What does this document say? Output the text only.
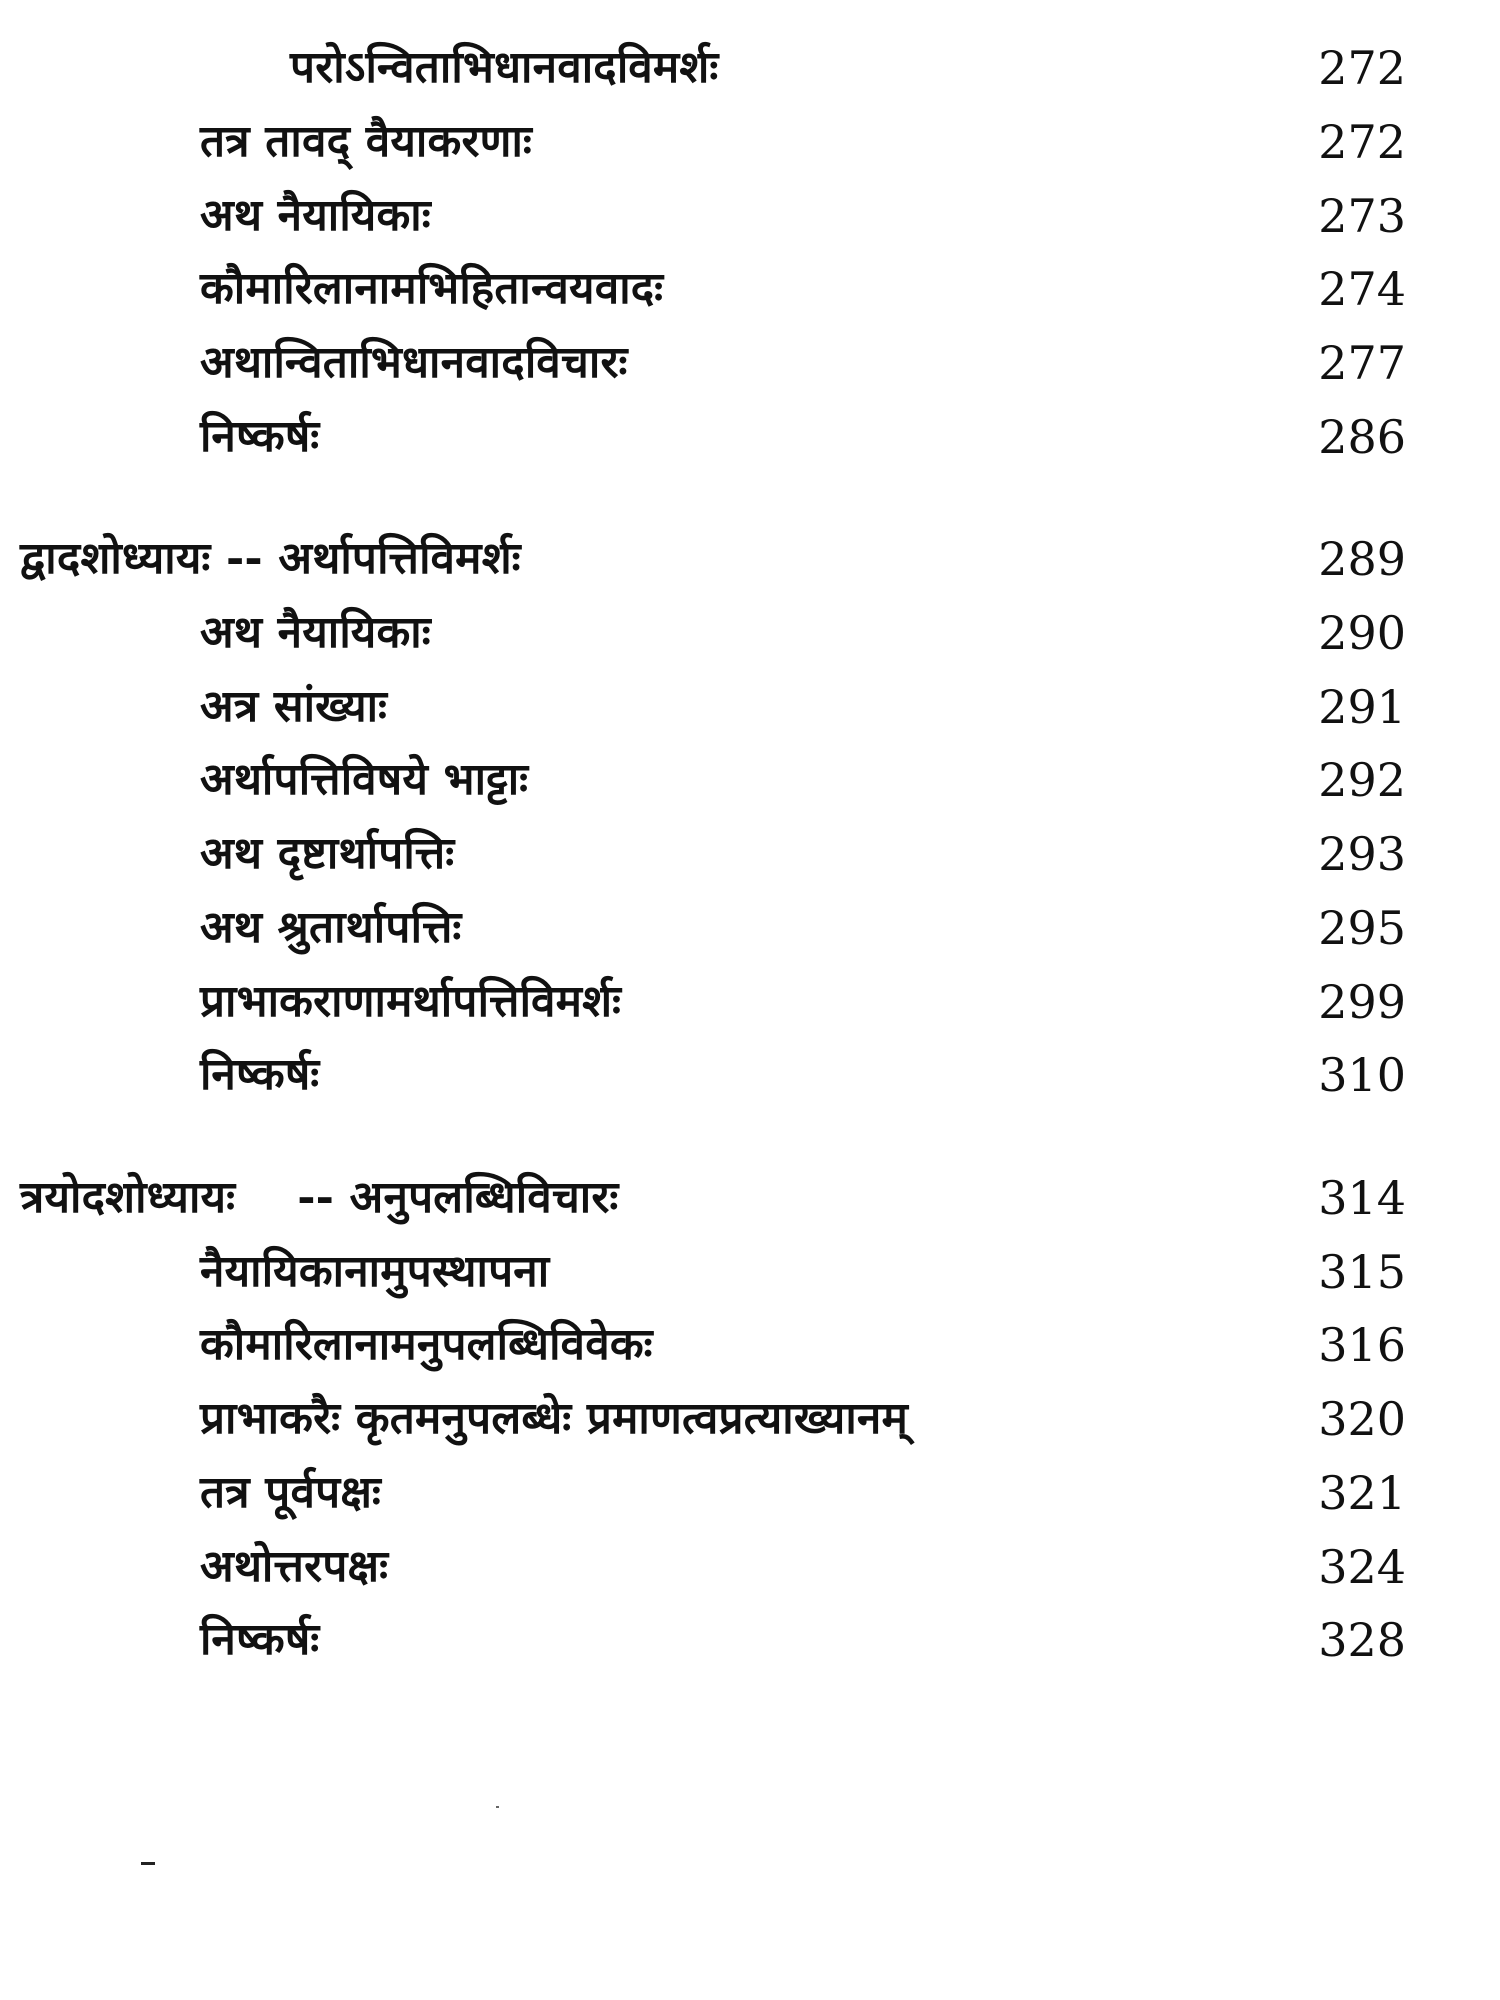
परोऽन्विताभिधानवादविमर्शः	272
तत्र तावद् वैयाकरणाः	272
अथ नैयायिकाः	273
कौमारिलानामभिहितान्वयवादः	274
अथान्विताभिधानवादविचारः	277
निष्कर्षः	286
द्वादशोध्यायः -- अर्थापत्तिविमर्शः	289
अथ नैयायिकाः	290
अत्र सांख्याः	291
अर्थापत्तिविषये भाट्टाः	292
अथ दृष्टार्थापत्तिः	293
अथ श्रुतार्थापत्तिः	295
प्राभाकराणामर्थापत्तिविमर्शः	299
निष्कर्षः	310
त्रयोदशोध्यायः    -- अनुपलब्धिविचारः	314
नैयायिकानामुपस्थापना	315
कौमारिलानामनुपलब्धिविवेकः	316
प्राभाकरैः कृतमनुपलब्धेः प्रमाणत्वप्रत्याख्यानम्	320
तत्र पूर्वपक्षः	321
अथोत्तरपक्षः	324
निष्कर्षः	328
